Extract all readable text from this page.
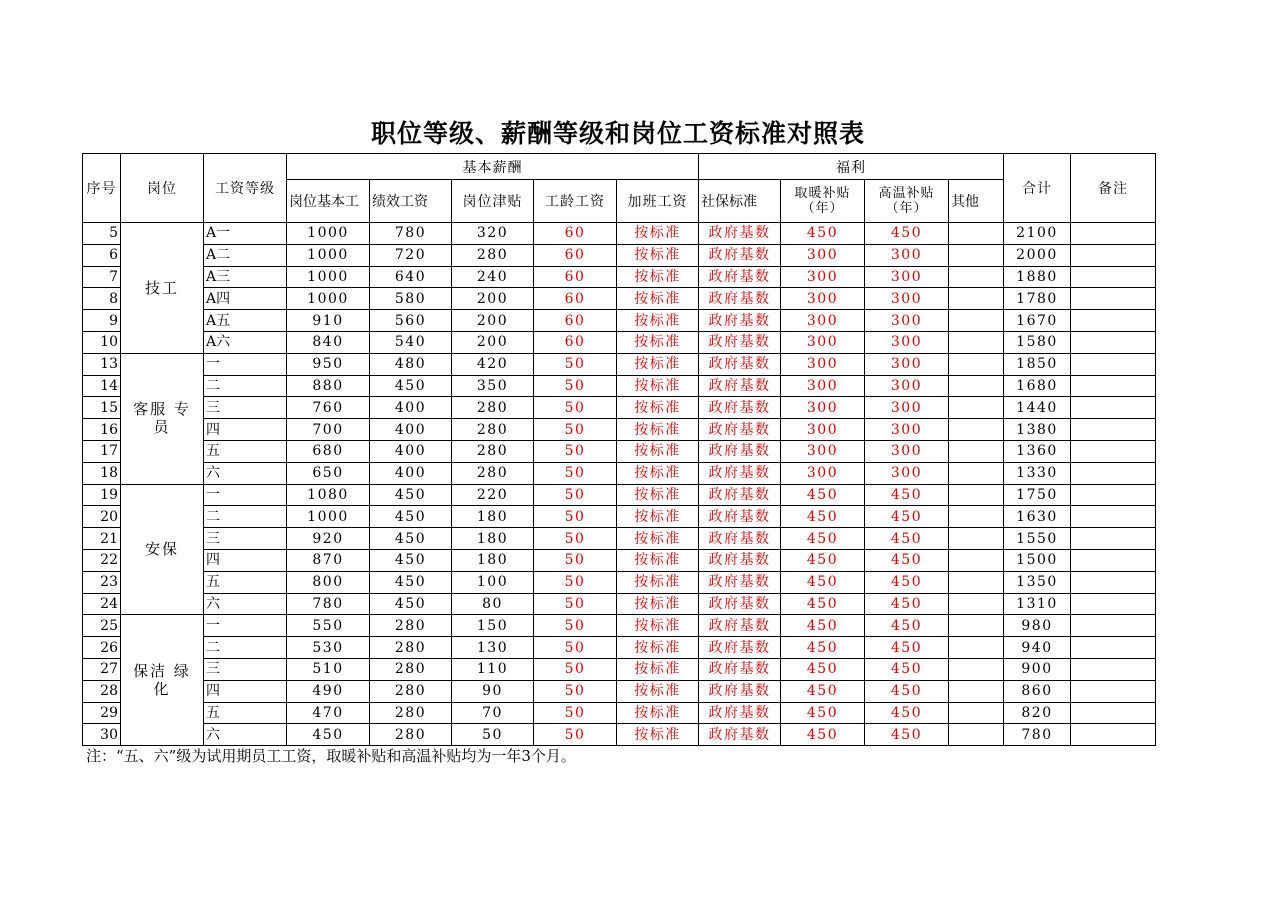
职位等级、薪酬等级和岗位工资标准对照表
序号	岗位	工资等级	基本薪酬					福利				合计	备注
			岗位基本工	绩效工资	岗位津贴	工龄工资	加班工资	社保标准	取暖补贴（年）	高温补贴（年）	其他		
5	技工	A一	1000	780	320	60	按标准	政府基数	450	450		2100	
6		A二	1000	720	280	60	按标准	政府基数	300	300		2000	
7		A三	1000	640	240	60	按标准	政府基数	300	300		1880	
8		A四	1000	580	200	60	按标准	政府基数	300	300		1780	
9		A五	910	560	200	60	按标准	政府基数	300	300		1670	
10		A六	840	540	200	60	按标准	政府基数	300	300		1580	
13	客服 专员	一	950	480	420	50	按标准	政府基数	300	300		1850	
14		二	880	450	350	50	按标准	政府基数	300	300		1680	
15		三	760	400	280	50	按标准	政府基数	300	300		1440	
16		四	700	400	280	50	按标准	政府基数	300	300		1380	
17		五	680	400	280	50	按标准	政府基数	300	300		1360	
18		六	650	400	280	50	按标准	政府基数	300	300		1330	
19	安保	一	1080	450	220	50	按标准	政府基数	450	450		1750	
20		二	1000	450	180	50	按标准	政府基数	450	450		1630	
21		三	920	450	180	50	按标准	政府基数	450	450		1550	
22		四	870	450	180	50	按标准	政府基数	450	450		1500	
23		五	800	450	100	50	按标准	政府基数	450	450		1350	
24		六	780	450	80	50	按标准	政府基数	450	450		1310	
25	保洁 绿化	一	550	280	150	50	按标准	政府基数	450	450		980	
26		二	530	280	130	50	按标准	政府基数	450	450		940	
27		三	510	280	110	50	按标准	政府基数	450	450		900	
28		四	490	280	90	50	按标准	政府基数	450	450		860	
29		五	470	280	70	50	按标准	政府基数	450	450		820	
30		六	450	280	50	50	按标准	政府基数	450	450		780	
注：“五、六”级为试用期员工工资，取暖补贴和高温补贴均为一年3个月。
